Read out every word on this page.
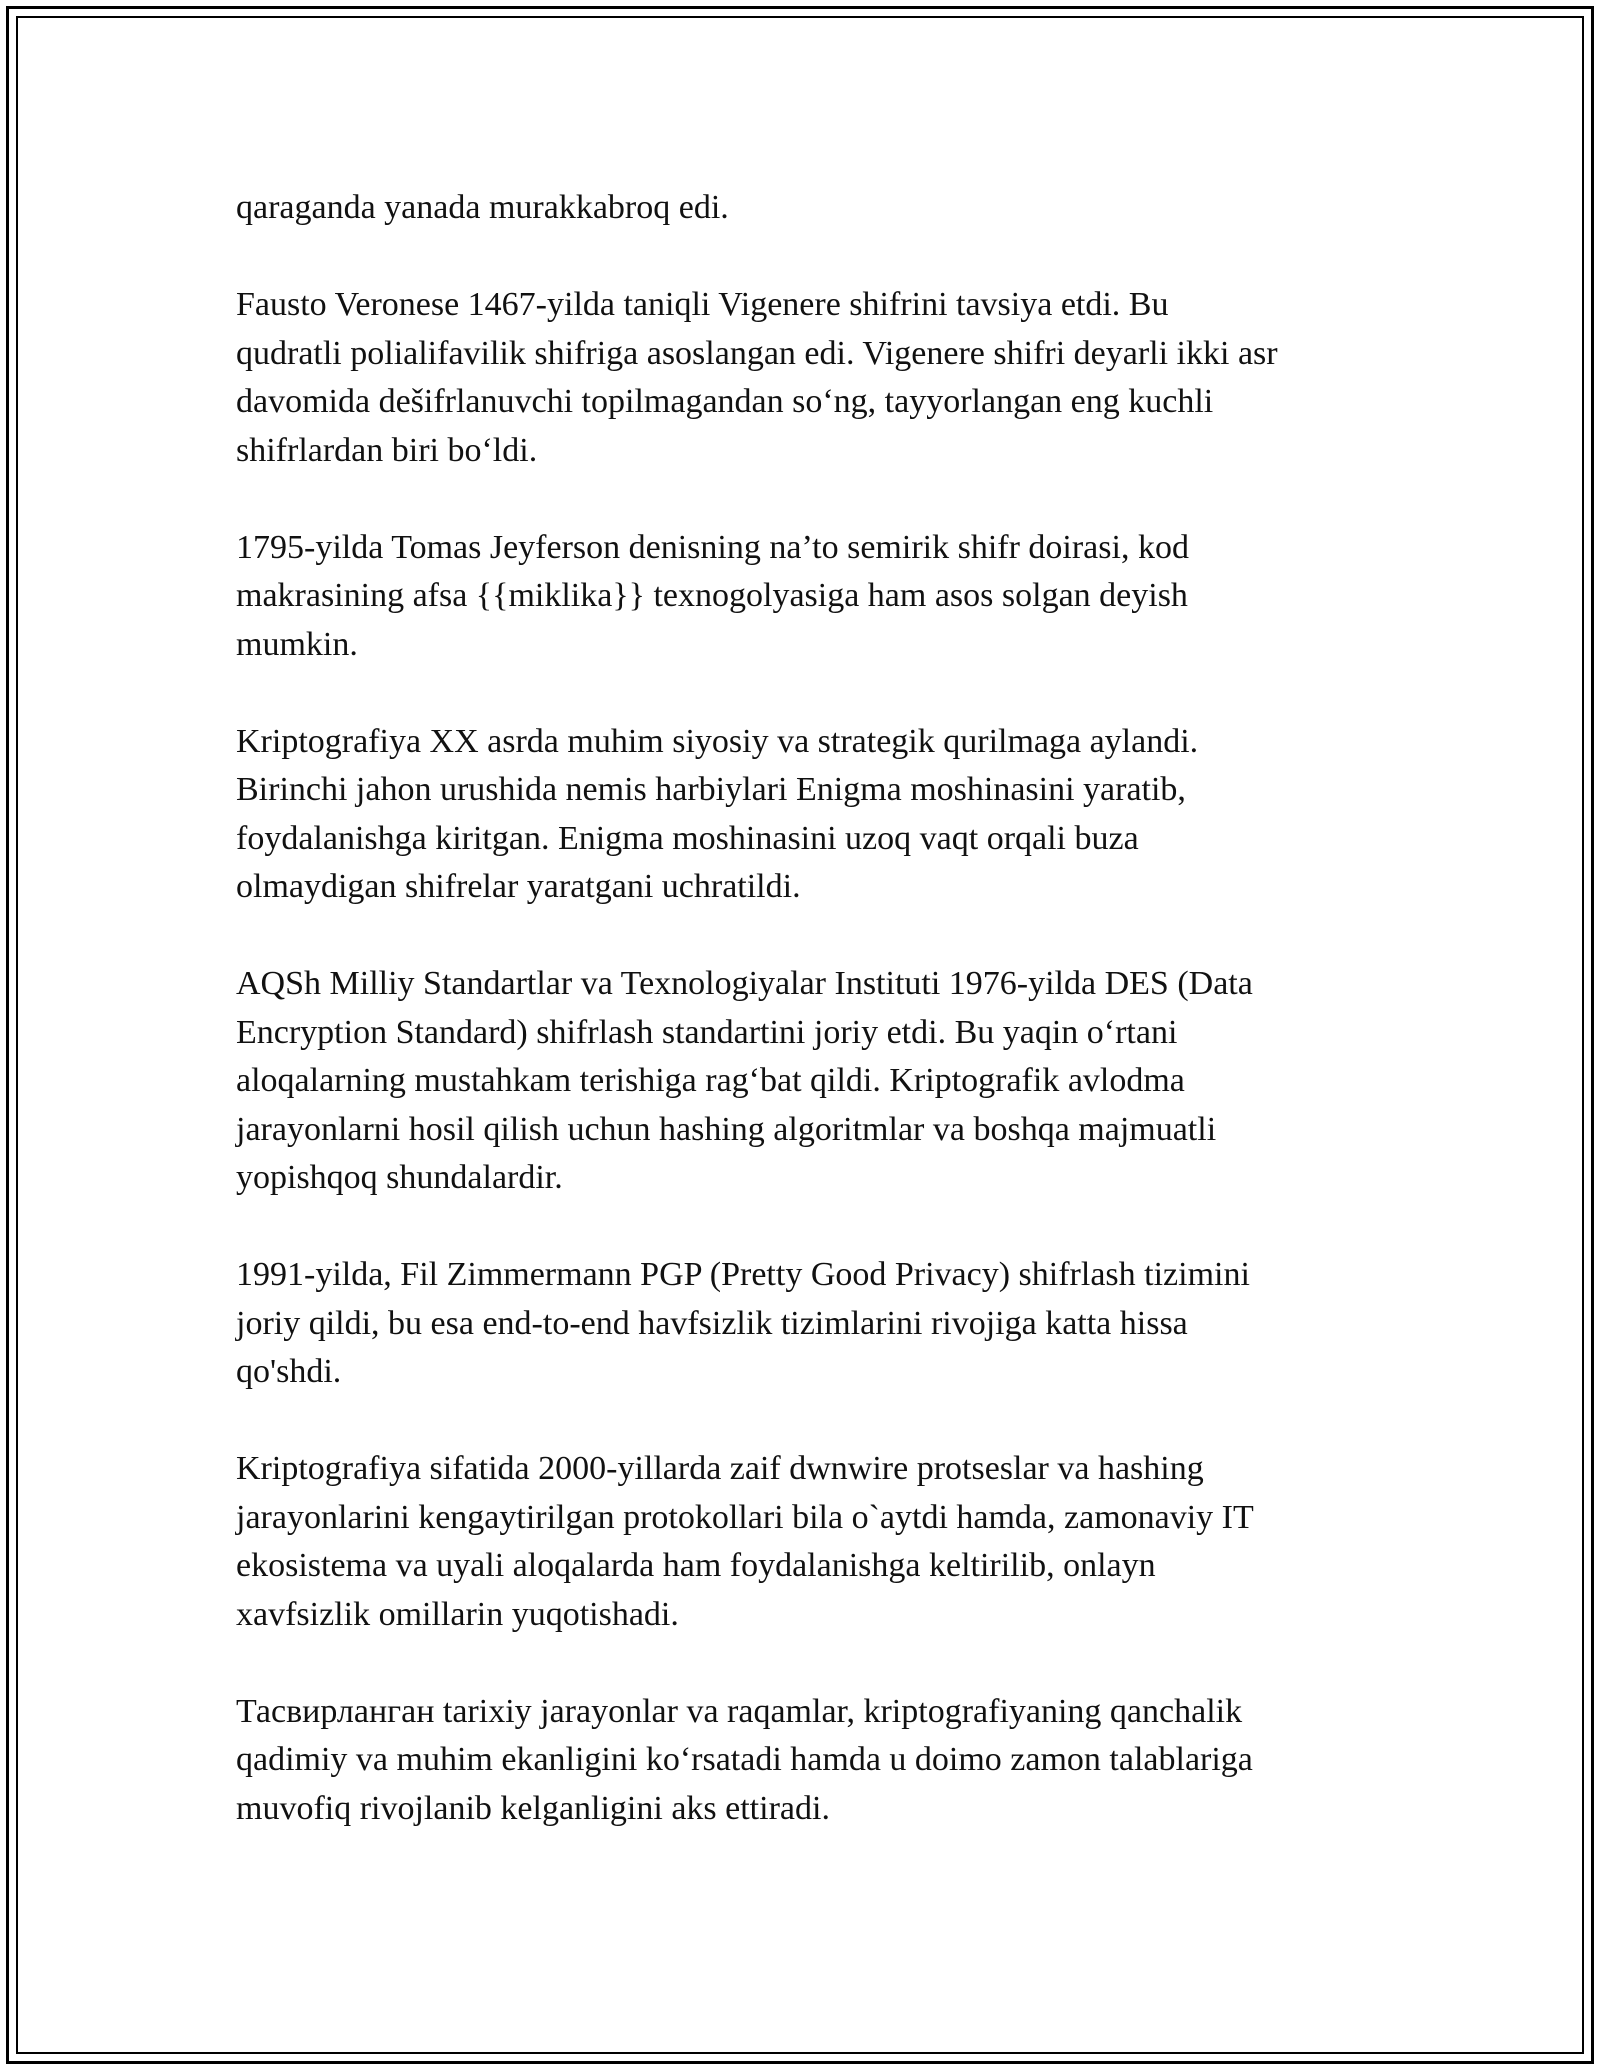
qaraganda yanada murakkabroq edi.

Fausto Veronese 1467-yilda taniqli Vigenere shifrini tavsiya etdi. Bu
qudratli polialifavilik shifriga asoslangan edi. Vigenere shifri deyarli ikki asr
davomida dešifrlanuvchi topilmagandan so‘ng, tayyorlangan eng kuchli
shifrlardan biri bo‘ldi.

1795-yilda Tomas Jeyferson denisning na’to semirik shifr doirasi, kod
makrasining afsa {{miklika}} texnogolyasiga ham asos solgan deyish
mumkin.

Kriptografiya XX asrda muhim siyosiy va strategik qurilmaga aylandi.
Birinchi jahon urushida nemis harbiylari Enigma moshinasini yaratib,
foydalanishga kiritgan. Enigma moshinasini uzoq vaqt orqali buza
olmaydigan shifrelar yaratgani uchratildi.

AQSh Milliy Standartlar va Texnologiyalar Instituti 1976-yilda DES (Data
Encryption Standard) shifrlash standartini joriy etdi. Bu yaqin o‘rtani
aloqalarning mustahkam terishiga rag‘bat qildi. Kriptografik avlodma
jarayonlarni hosil qilish uchun hashing algoritmlar va boshqa majmuatli
yopishqoq shundalardir.

1991-yilda, Fil Zimmermann PGP (Pretty Good Privacy) shifrlash tizimini
joriy qildi, bu esa end-to-end havfsizlik tizimlarini rivojiga katta hissa
qo'shdi.

Kriptografiya sifatida 2000-yillarda zaif dwnwire protseslar va hashing
jarayonlarini kengaytirilgan protokollari bila o`aytdi hamda, zamonaviy IT
ekosistema va uyali aloqalarda ham foydalanishga keltirilib, onlayn
xavfsizlik omillarin yuqotishadi.

Тасвирланган tarixiy jarayonlar va raqamlar, kriptografiyaning qanchalik
qadimiy va muhim ekanligini ko‘rsatadi hamda u doimo zamon talablariga
muvofiq rivojlanib kelganligini aks ettiradi.
